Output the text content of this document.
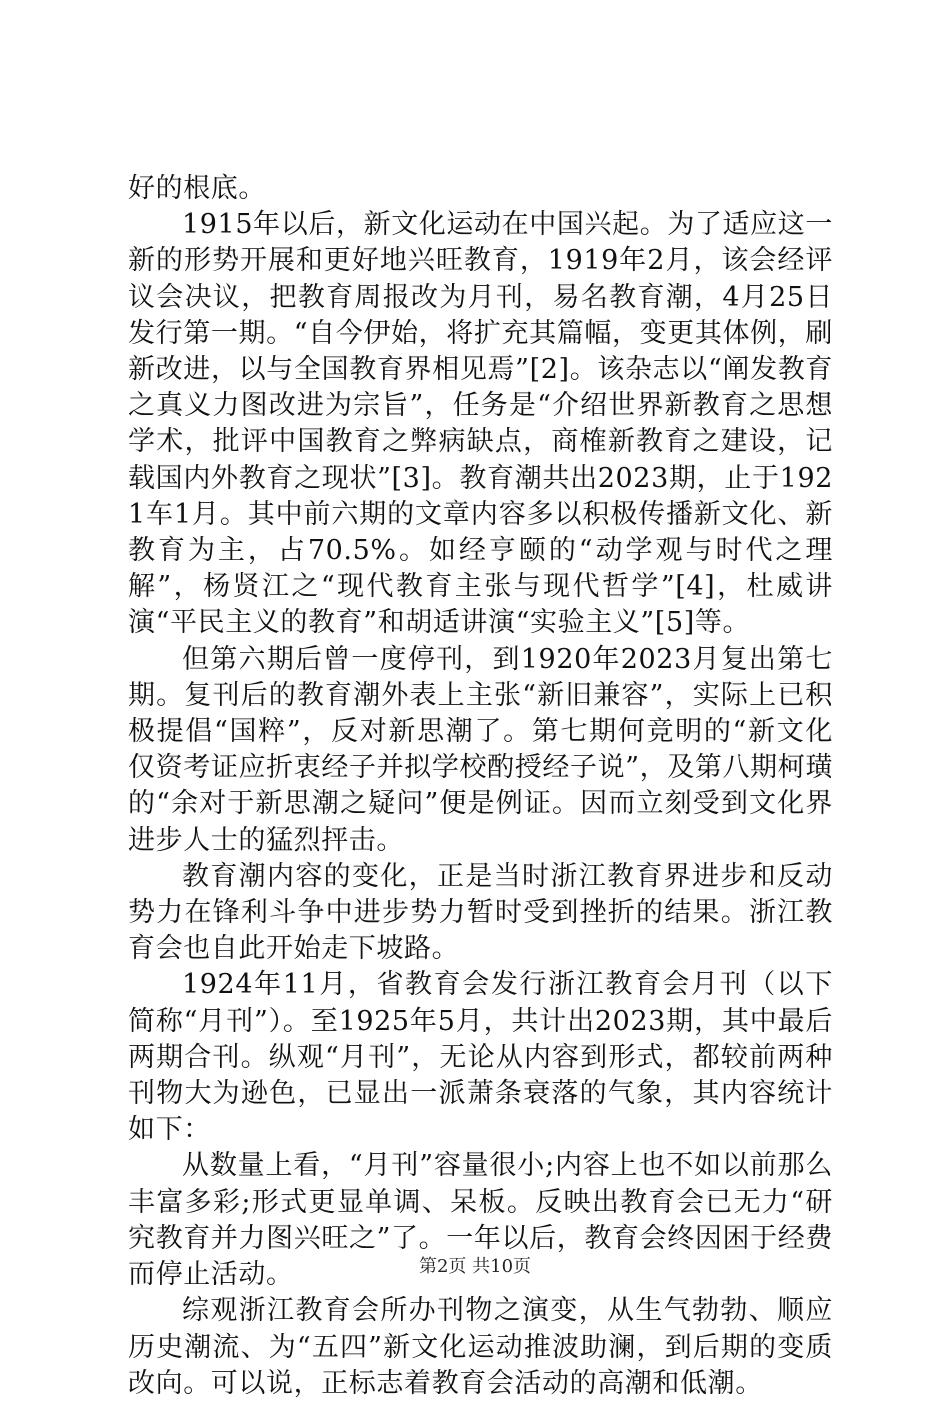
好的根底。

1915年以后，新文化运动在中国兴起。为了适应这一新的形势开展和更好地兴旺教育，1919年2月，该会经评议会决议，把教育周报改为月刊，易名教育潮，4月25日发行第一期。“自今伊始，将扩充其篇幅，变更其体例，刷新改进，以与全国教育界相见焉”[2]。该杂志以“阐发教育之真义力图改进为宗旨”，任务是“介绍世界新教育之思想学术，批评中国教育之弊病缺点，商榷新教育之建设，记载国内外教育之现状”[3]。教育潮共出2023期，止于1921车1月。其中前六期的文章内容多以积极传播新文化、新教育为主，占70.5%。如经亨颐的“动学观与时代之理解”，杨贤江之“现代教育主张与现代哲学”[4]，杜威讲演“平民主义的教育”和胡适讲演“实验主义”[5]等。

但第六期后曾一度停刊，到1920年2023月复出第七期。复刊后的教育潮外表上主张“新旧兼容”，实际上已积极提倡“国粹”，反对新思潮了。第七期何竞明的“新文化仅资考证应折衷经子并拟学校酌授经子说”，及第八期柯璜的“余对于新思潮之疑问”便是例证。因而立刻受到文化界进步人士的猛烈抨击。

教育潮内容的变化，正是当时浙江教育界进步和反动势力在锋利斗争中进步势力暂时受到挫折的结果。浙江教育会也自此开始走下坡路。

1924年11月，省教育会发行浙江教育会月刊（以下简称“月刊”）。至1925年5月，共计出2023期，其中最后两期合刊。纵观“月刊”，无论从内容到形式，都较前两种刊物大为逊色，已显出一派萧条衰落的气象，其内容统计如下：

从数量上看，“月刊”容量很小;内容上也不如以前那么丰富多彩;形式更显单调、呆板。反映出教育会已无力“研究教育并力图兴旺之”了。一年以后，教育会终因困于经费而停止活动。

综观浙江教育会所办刊物之演变，从生气勃勃、顺应历史潮流、为“五四”新文化运动推波助澜，到后期的变质改向。可以说，正标志着教育会活动的高潮和低潮。

第2页 共10页
